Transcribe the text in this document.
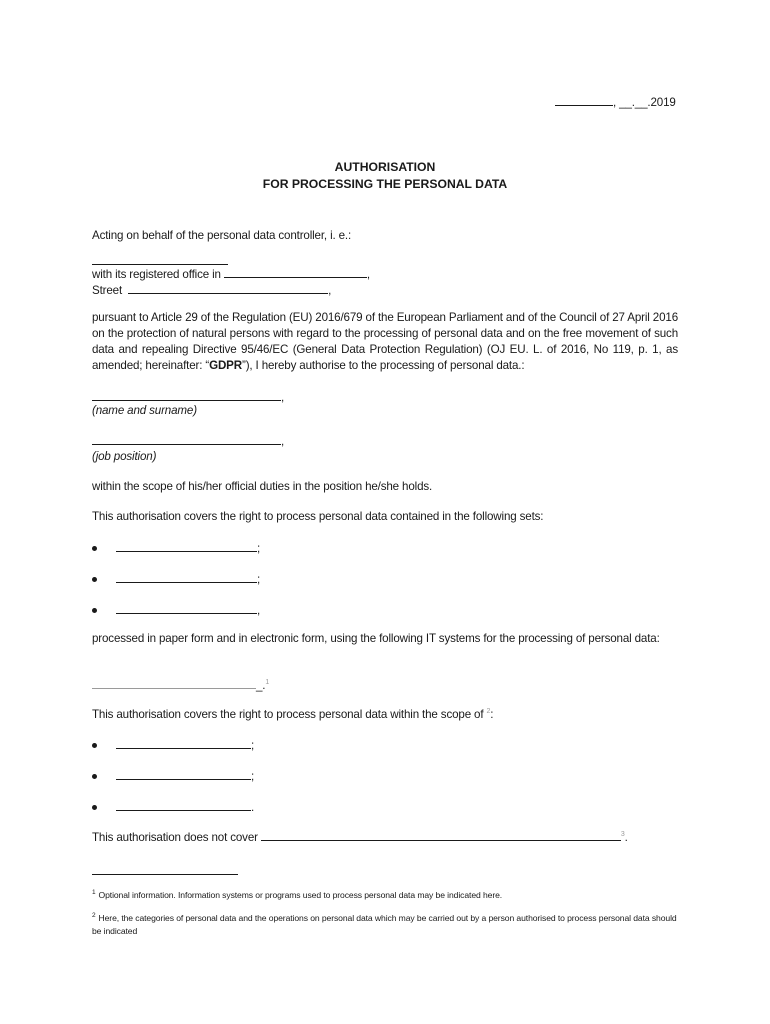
, __.__.2019
AUTHORISATION
FOR PROCESSING THE PERSONAL DATA
Acting on behalf of the personal data controller, i. e.:
with its registered office in	,
Street	,
pursuant to Article 29 of the Regulation (EU) 2016/679 of the European Parliament and of the Council of 27 April 2016 on the protection of natural persons with regard to the processing of personal data and on the free movement of such data and repealing Directive 95/46/EC (General Data Protection Regulation) (OJ EU. L. of 2016, No 119, p. 1, as amended; hereinafter: “GDPR”), I hereby authorise to the processing of personal data.:
,
(name and surname)
,
(job position)
within the scope of his/her official duties in the position he/she holds.
This authorisation covers the right to process personal data contained in the following sets:
;
;
,
processed in paper form and in electronic form, using the following IT systems for the processing of personal data:
_.$^1$
This authorisation covers the right to process personal data within the scope of $^2$:
;
;
.
This authorisation does not cover	$^3$.
$^1$ Optional information. Information systems or programs used to process personal data may be indicated here.
$^2$ Here, the categories of personal data and the operations on personal data which may be carried out by a person authorised to process personal data should be indicated
